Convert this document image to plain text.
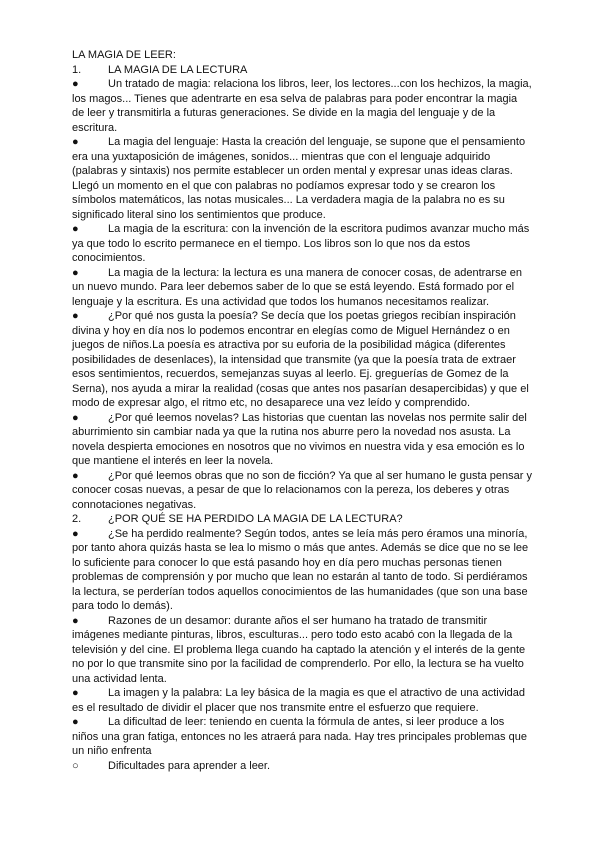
LA MAGIA DE LEER:

1.	LA MAGIA DE LA LECTURA

●	Un tratado de magia: relaciona los libros, leer, los lectores...con los hechizos, la magia, los magos... Tienes que adentrarte en esa selva de palabras para poder encontrar la magia de leer y transmitirla a futuras generaciones. Se divide en la magia del lenguaje y de la escritura.

●	La magia del lenguaje: Hasta la creación del lenguaje, se supone que el pensamiento era una yuxtaposición de imágenes, sonidos... mientras que con el lenguaje adquirido (palabras y sintaxis) nos permite establecer un orden mental y expresar unas ideas claras. Llegó un momento en el que con palabras no podíamos expresar todo y se crearon los símbolos matemáticos, las notas musicales... La verdadera magia de la palabra no es su significado literal sino los sentimientos que produce.

●	La magia de la escritura: con la invención de la escritora pudimos avanzar mucho más ya que todo lo escrito permanece en el tiempo. Los libros son lo que nos da estos conocimientos.

●	La magia de la lectura: la lectura es una manera de conocer cosas, de adentrarse en un nuevo mundo. Para leer debemos saber de lo que se está leyendo. Está formado por el lenguaje y la escritura. Es una actividad que todos los humanos necesitamos realizar.

●	¿Por qué nos gusta la poesía? Se decía que los poetas griegos recibían inspiración divina y hoy en día nos lo podemos encontrar en elegías como de Miguel Hernández o en juegos de niños.La poesía es atractiva por su euforia de la posibilidad mágica (diferentes posibilidades de desenlaces), la intensidad que transmite (ya que la poesía trata de extraer esos sentimientos, recuerdos, semejanzas suyas al leerlo. Ej. greguerías de Gomez de la Serna), nos ayuda a mirar la realidad (cosas que antes nos pasarían desapercibidas) y que el modo de expresar algo, el ritmo etc, no desaparece una vez leído y comprendido.

●	¿Por qué leemos novelas? Las historias que cuentan las novelas nos permite salir del aburrimiento sin cambiar nada ya que la rutina nos aburre pero la novedad nos asusta. La novela despierta emociones en nosotros que no vivimos en nuestra vida y esa emoción es lo que mantiene el interés en leer la novela.

●	¿Por qué leemos obras que no son de ficción? Ya que al ser humano le gusta pensar y conocer cosas nuevas, a pesar de que lo relacionamos con la pereza, los deberes y otras connotaciones negativas.

2.	¿POR QUÉ SE HA PERDIDO LA MAGIA DE LA LECTURA?

●	¿Se ha perdido realmente? Según todos, antes se leía más pero éramos una minoría, por tanto ahora quizás hasta se lea lo mismo o más que antes. Además se dice que no se lee lo suficiente para conocer lo que está pasando hoy en día pero muchas personas tienen problemas de comprensión y por mucho que lean no estarán al tanto de todo. Si perdiéramos la lectura, se perderían todos aquellos conocimientos de las humanidades (que son una base para todo lo demás).

●	Razones de un desamor: durante años el ser humano ha tratado de transmitir imágenes mediante pinturas, libros, esculturas... pero todo esto acabó con la llegada de la televisión y del cine. El problema llega cuando ha captado la atención y el interés de la gente no por lo que transmite sino por la facilidad de comprenderlo. Por ello, la lectura se ha vuelto una actividad lenta.

●	La imagen y la palabra: La ley básica de la magia es que el atractivo de una actividad es el resultado de dividir el placer que nos transmite entre el esfuerzo que requiere.

●	La dificultad de leer: teniendo en cuenta la fórmula de antes, si leer produce a los niños una gran fatiga, entonces no les atraerá para nada. Hay tres principales problemas que un niño enfrenta

○	Dificultades para aprender a leer.
